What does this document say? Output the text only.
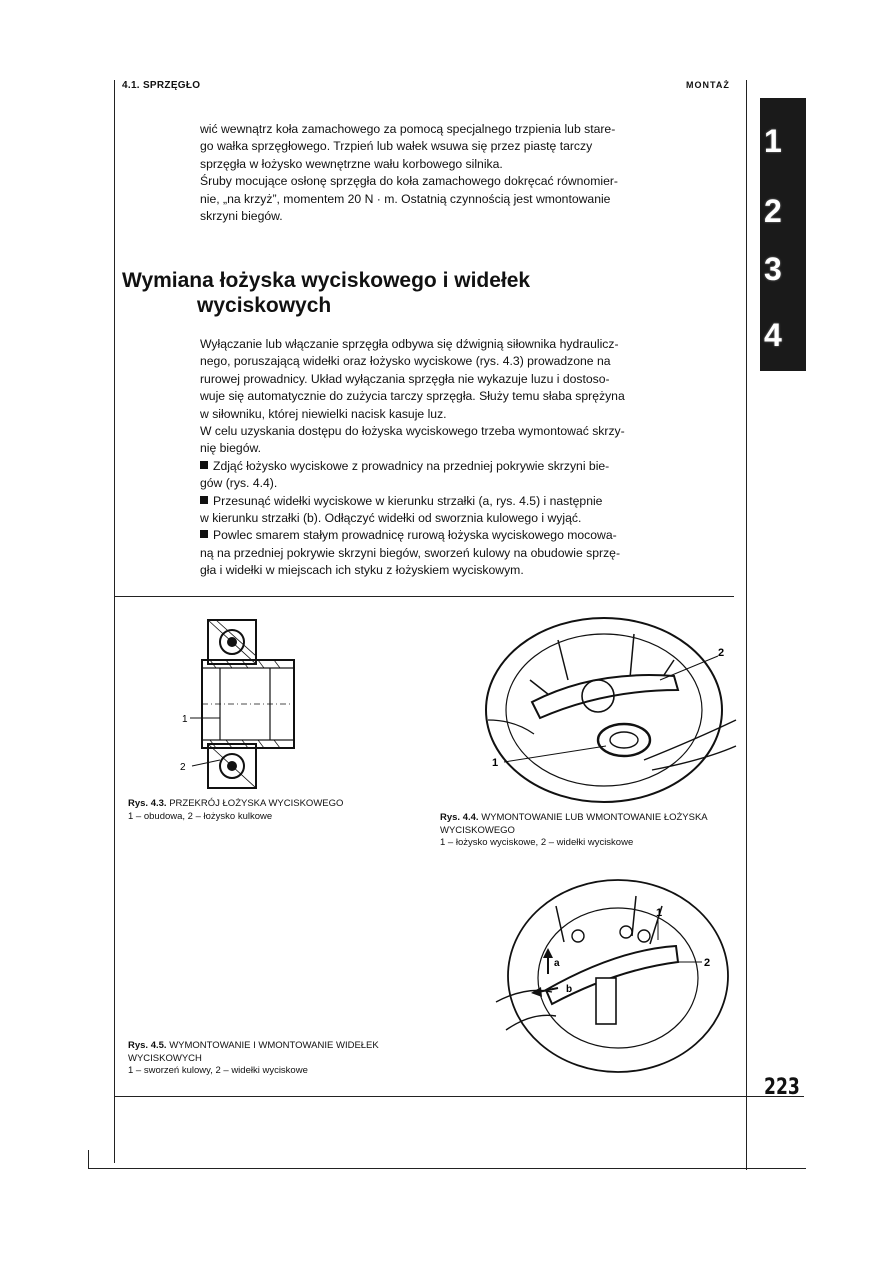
4.1. SPRZĘGŁO	MONTAŻ
1
2
3
4

wić wewnątrz koła zamachowego za pomocą specjalnego trzpienia lub stare-

go wałka sprzęgłowego. Trzpień lub wałek wsuwa się przez piastę tarczy

sprzęgła w łożysko wewnętrzne wału korbowego silnika.

Śruby mocujące osłonę sprzęgła do koła zamachowego dokręcać równomier-

nie, „na krzyż”, momentem 20 N · m. Ostatnią czynnością jest wmontowanie

skrzyni biegów.

Wymiana łożyska wyciskowego i widełek
wyciskowych

Wyłączanie lub włączanie sprzęgła odbywa się dźwignią siłownika hydraulicz-

nego, poruszającą widełki oraz łożysko wyciskowe (rys. 4.3) prowadzone na

rurowej prowadnicy. Układ wyłączania sprzęgła nie wykazuje luzu i dostoso-

wuje się automatycznie do zużycia tarczy sprzęgła. Służy temu słaba sprężyna

w siłowniku, której niewielki nacisk kasuje luz.

W celu uzyskania dostępu do łożyska wyciskowego trzeba wymontować skrzy-

nię biegów.

Zdjąć łożysko wyciskowe z prowadnicy na przedniej pokrywie skrzyni bie-

gów (rys. 4.4).

Przesunąć widełki wyciskowe w kierunku strzałki (a, rys. 4.5) i następnie

w kierunku strzałki (b). Odłączyć widełki od sworznia kulowego i wyjąć.

Powlec smarem stałym prowadnicę rurową łożyska wyciskowego mocowa-

ną na przedniej pokrywie skrzyni biegów, sworzeń kulowy na obudowie sprzę-

gła i widełki w miejscach ich styku z łożyskiem wyciskowym.

1
2
Rys. 4.3. PRZEKRÓJ ŁOŻYSKA WYCISKOWEGO
1 – obudowa, 2 – łożysko kulkowe
1
2
Rys. 4.4. WYMONTOWANIE LUB WMONTOWANIE ŁOŻYSKA
WYCISKOWEGO
1 – łożysko wyciskowe, 2 – widełki wyciskowe
a
b
1
2
Rys. 4.5. WYMONTOWANIE I WMONTOWANIE WIDEŁEK
WYCISKOWYCH
1 – sworzeń kulowy, 2 – widełki wyciskowe
223
